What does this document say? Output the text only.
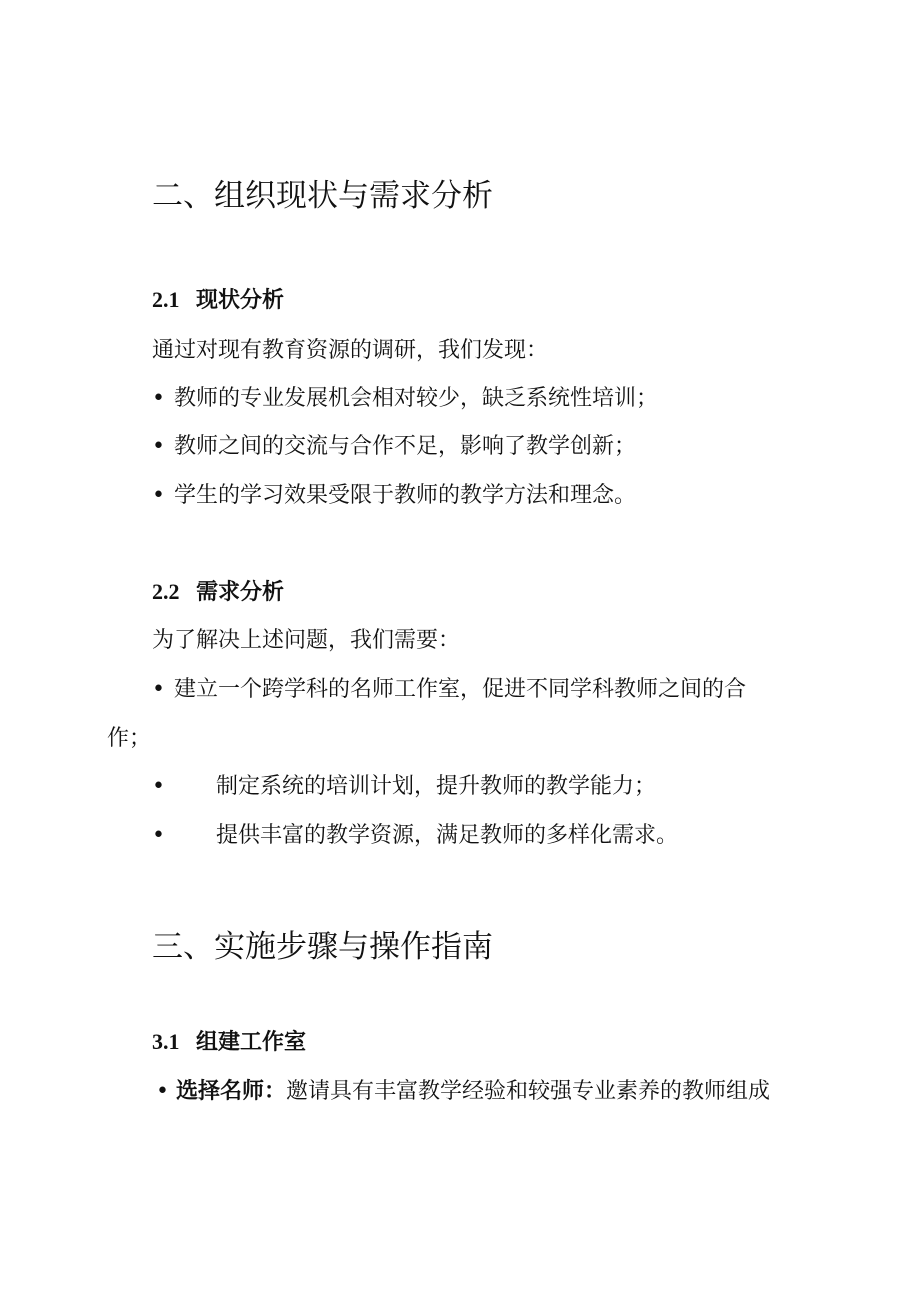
二、组织现状与需求分析
2.1 现状分析

通过对现有教育资源的调研，我们发现：

• 教师的专业发展机会相对较少，缺乏系统性培训；
• 教师之间的交流与合作不足，影响了教学创新；
• 学生的学习效果受限于教师的教学方法和理念。
2.2 需求分析

为了解决上述问题，我们需要：

• 建立一个跨学科的名师工作室，促进不同学科教师之间的合

作；

• 制定系统的培训计划，提升教师的教学能力；
• 提供丰富的教学资源，满足教师的多样化需求。
三、实施步骤与操作指南
3.1 组建工作室
• 选择名师：邀请具有丰富教学经验和较强专业素养的教师组成
